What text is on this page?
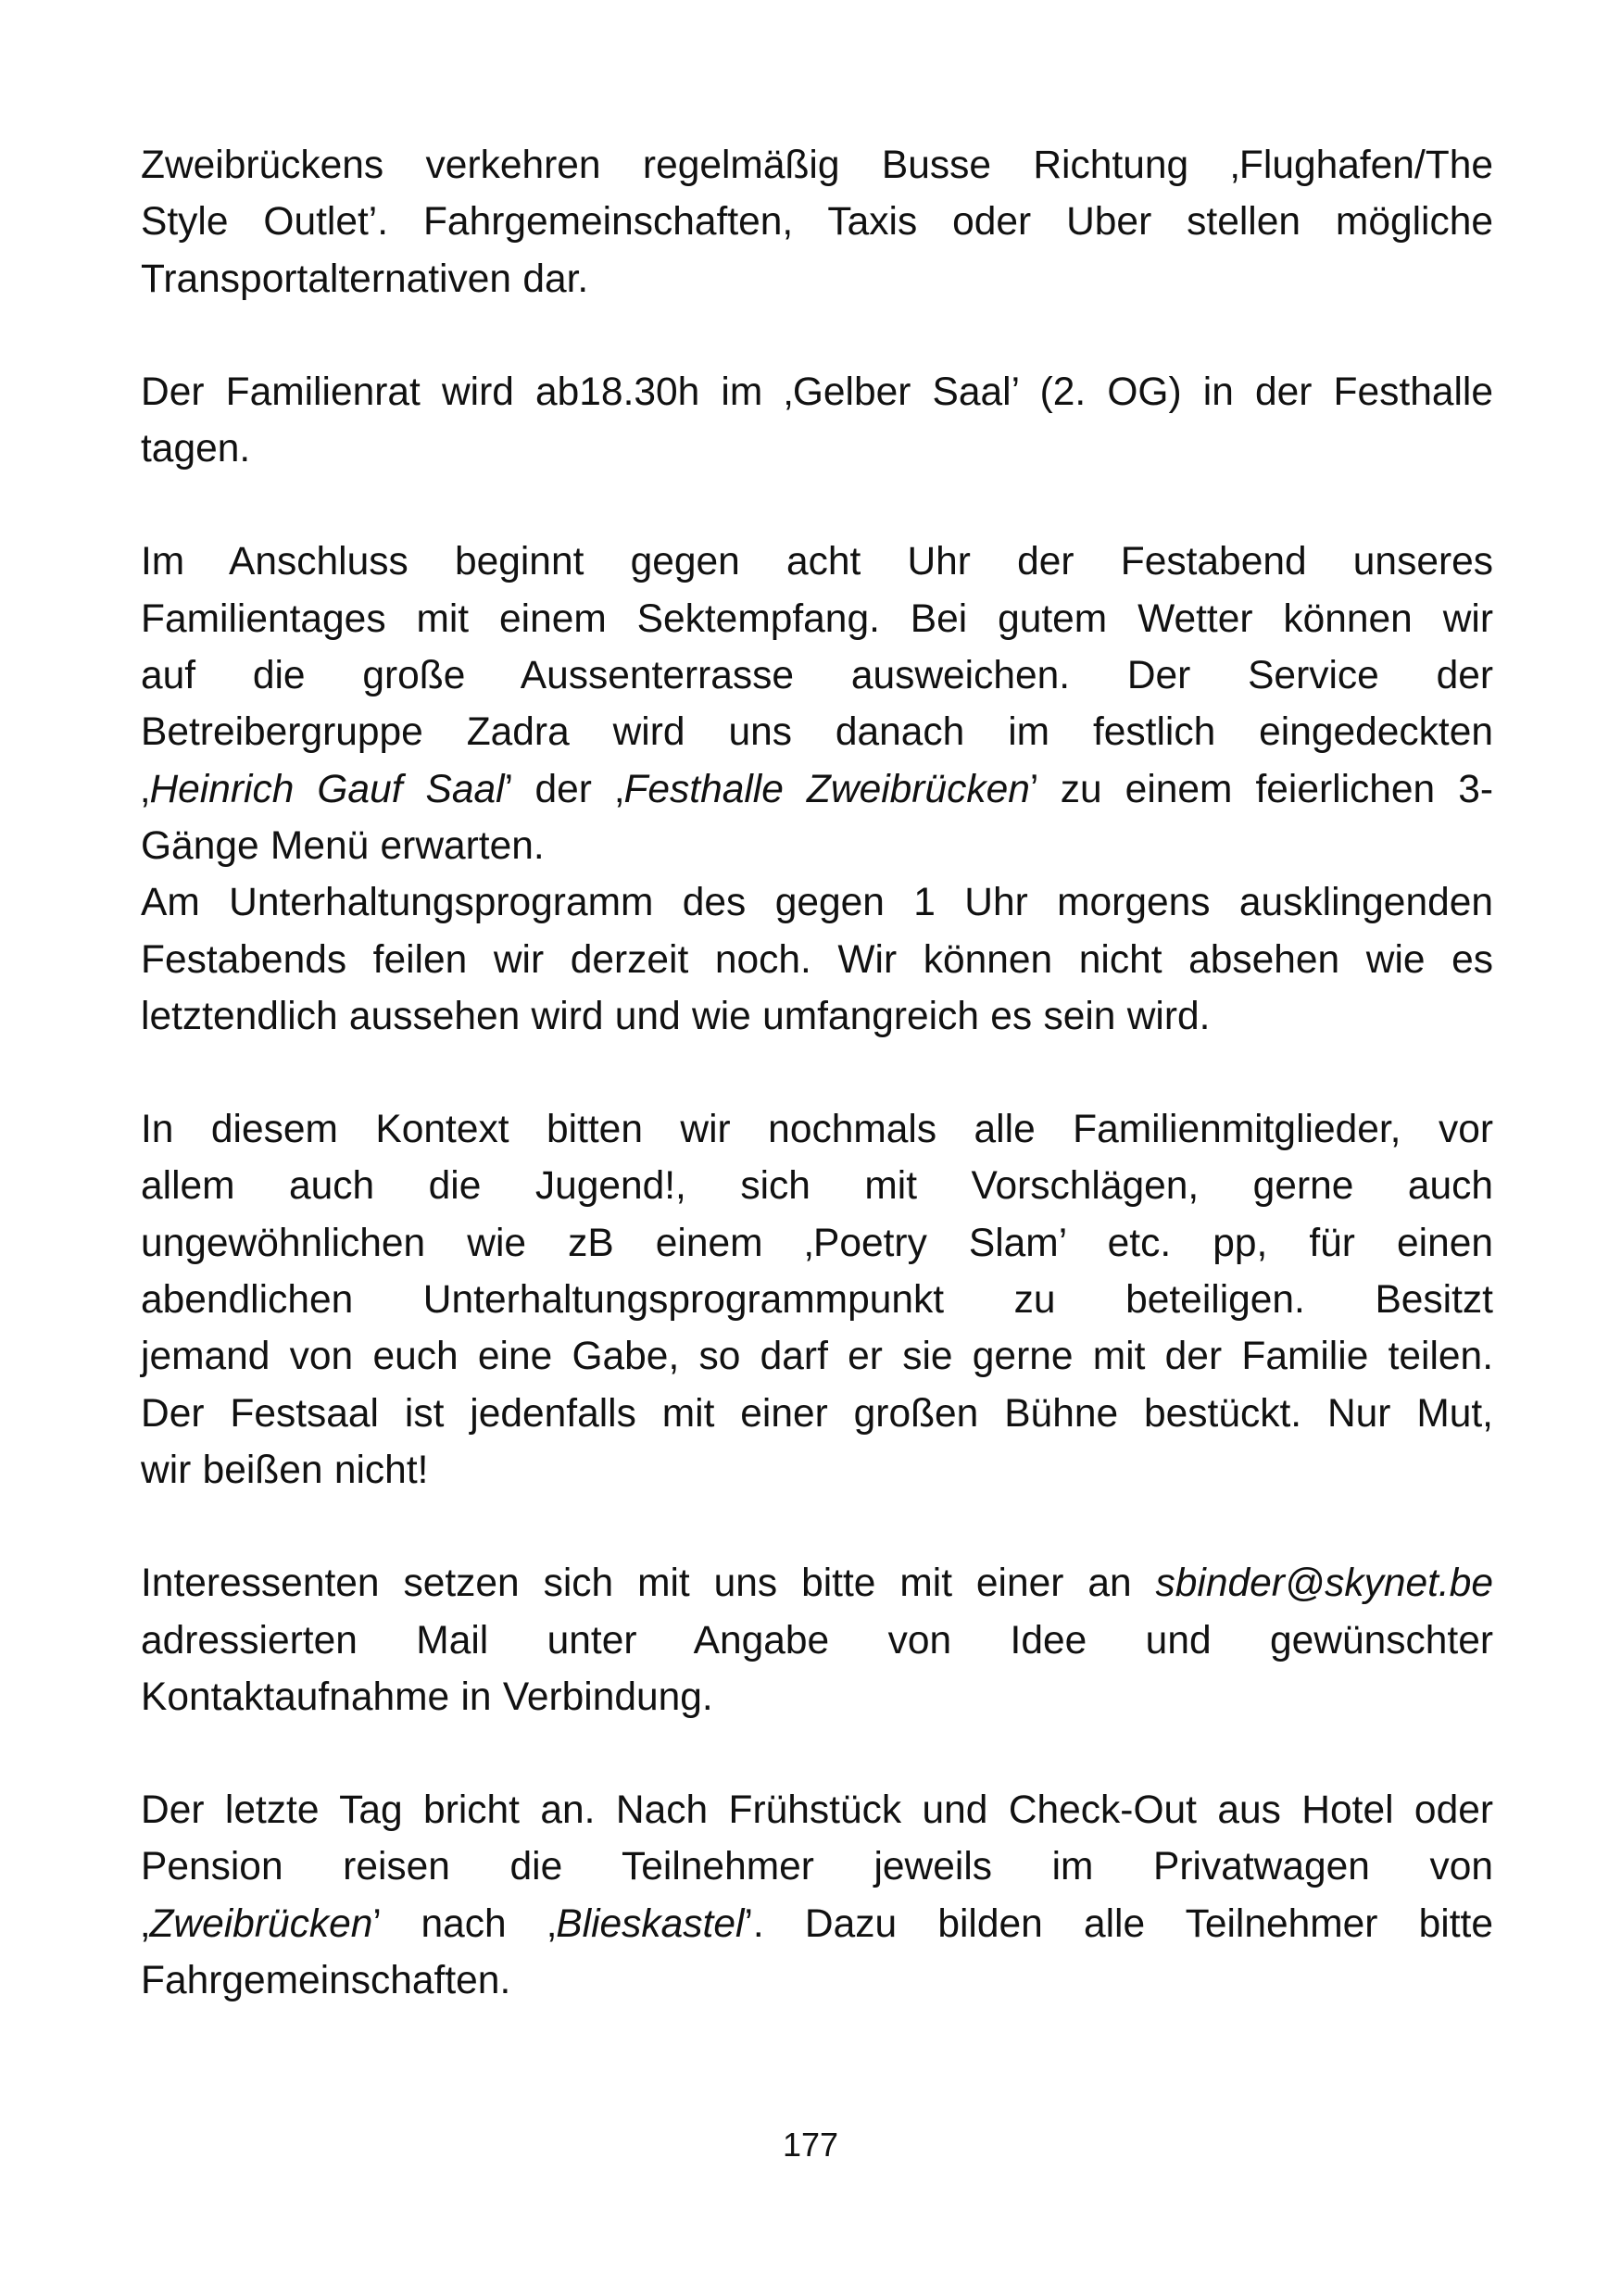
Zweibrückens verkehren regelmäßig Busse Richtung ‚Flughafen/The
Style Outlet’. Fahrgemeinschaften, Taxis oder Uber stellen mögliche
Transportalternativen dar.

Der Familienrat wird ab18.30h im ‚Gelber Saal’ (2. OG) in der Festhalle
tagen.

Im Anschluss beginnt gegen acht Uhr der Festabend unseres
Familientages mit einem Sektempfang. Bei gutem Wetter können wir
auf die große Aussenterrasse ausweichen. Der Service der
Betreibergruppe Zadra wird uns danach im festlich eingedeckten
‚Heinrich Gauf Saal’ der ‚Festhalle Zweibrücken’ zu einem feierlichen 3-
Gänge Menü erwarten.

Am Unterhaltungsprogramm des gegen 1 Uhr morgens ausklingenden
Festabends feilen wir derzeit noch. Wir können nicht absehen wie es
letztendlich aussehen wird und wie umfangreich es sein wird.

In diesem Kontext bitten wir nochmals alle Familienmitglieder, vor
allem auch die Jugend!, sich mit Vorschlägen, gerne auch
ungewöhnlichen wie zB einem ‚Poetry Slam’ etc. pp, für einen
abendlichen Unterhaltungsprogrammpunkt zu beteiligen. Besitzt
jemand von euch eine Gabe, so darf er sie gerne mit der Familie teilen.
Der Festsaal ist jedenfalls mit einer großen Bühne bestückt. Nur Mut,
wir beißen nicht!

Interessenten setzen sich mit uns bitte mit einer an sbinder@skynet.be
adressierten Mail unter Angabe von Idee und gewünschter
Kontaktaufnahme in Verbindung.

Der letzte Tag bricht an. Nach Frühstück und Check-Out aus Hotel oder
Pension reisen die Teilnehmer jeweils im Privatwagen von
‚Zweibrücken’ nach ‚Blieskastel’. Dazu bilden alle Teilnehmer bitte
Fahrgemeinschaften.

177
